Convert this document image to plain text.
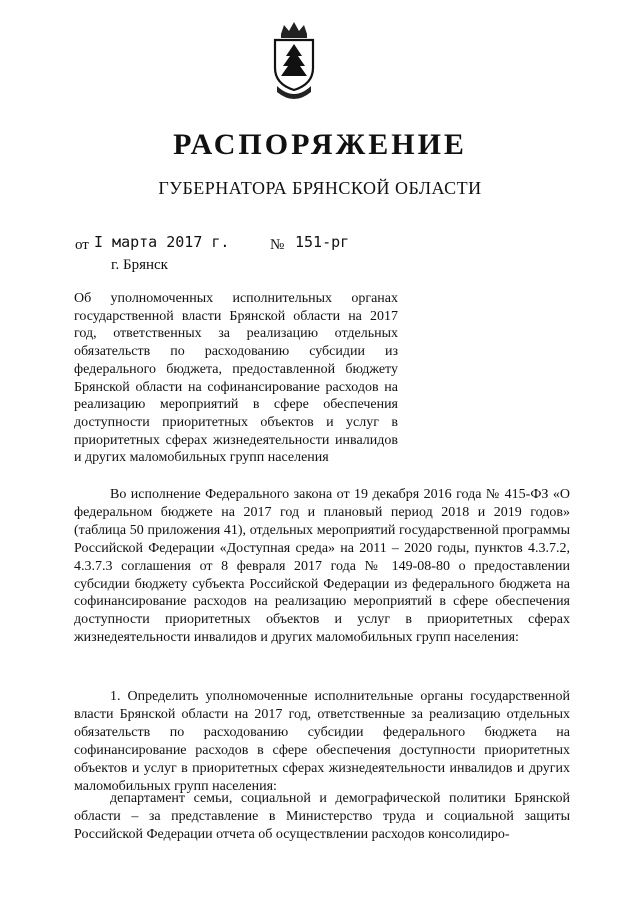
РАСПОРЯЖЕНИЕ
ГУБЕРНАТОРА БРЯНСКОЙ ОБЛАСТИ
от I марта 2017 г.	№ 151-рг
г. Брянск
Об уполномоченных исполнительных органах государственной власти Брянской области на 2017 год, ответственных за реализацию отдельных обязательств по расходованию субсидии из федерального бюджета, предоставленной бюджету Брянской области на софинансирование расходов на реализацию мероприятий в сфере обеспечения доступности приоритетных объектов и услуг в приоритетных сферах жизнедеятельности инвалидов и других маломобильных групп населения

Во исполнение Федерального закона от 19 декабря 2016 года № 415-ФЗ «О федеральном бюджете на 2017 год и плановый период 2018 и 2019 годов» (таблица 50 приложения 41), отдельных мероприятий государственной программы Российской Федерации «Доступная среда» на 2011 – 2020 годы, пунктов 4.3.7.2, 4.3.7.3 соглашения от 8 февраля 2017 года № 149-08-80 о предоставлении субсидии бюджету субъекта Российской Федерации из федерального бюджета на софинансирование расходов на реализацию мероприятий в сфере обеспечения доступности приоритетных объектов и услуг в приоритетных сферах жизнедеятельности инвалидов и других маломобильных групп населения:

1. Определить уполномоченные исполнительные органы государственной власти Брянской области на 2017 год, ответственные за реализацию отдельных обязательств по расходованию субсидии федерального бюджета на софинансирование расходов в сфере обеспечения доступности приоритетных объектов и услуг в приоритетных сферах жизнедеятельности инвалидов и других маломобильных групп населения:

департамент семьи, социальной и демографической политики Брянской области – за представление в Министерство труда и социальной защиты Российской Федерации отчета об осуществлении расходов консолидиро-
